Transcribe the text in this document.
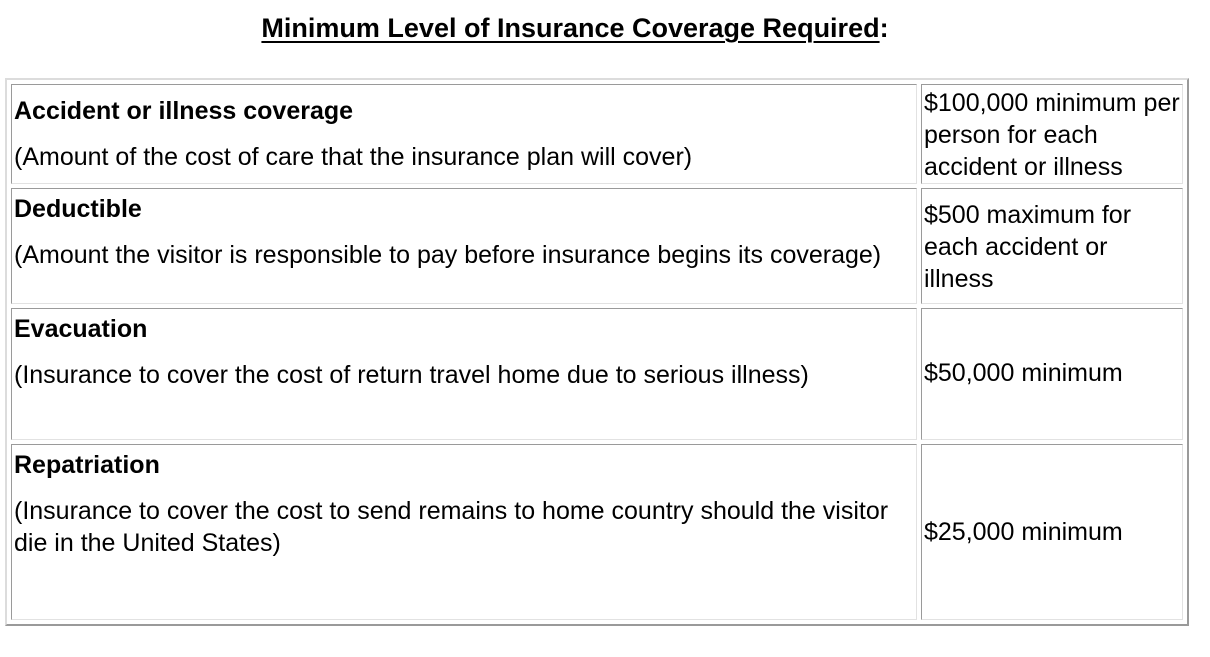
Minimum Level of Insurance Coverage Required:
Accident or illness coverage
(Amount of the cost of care that the insurance plan will cover)	$100,000 minimum per person for each accident or illness

Deductible
(Amount the visitor is responsible to pay before insurance begins its coverage)	$500 maximum for each accident or illness

Evacuation
(Insurance to cover the cost of return travel home due to serious illness)	$50,000 minimum

Repatriation
(Insurance to cover the cost to send remains to home country should the visitor die in the United States)	$25,000 minimum
